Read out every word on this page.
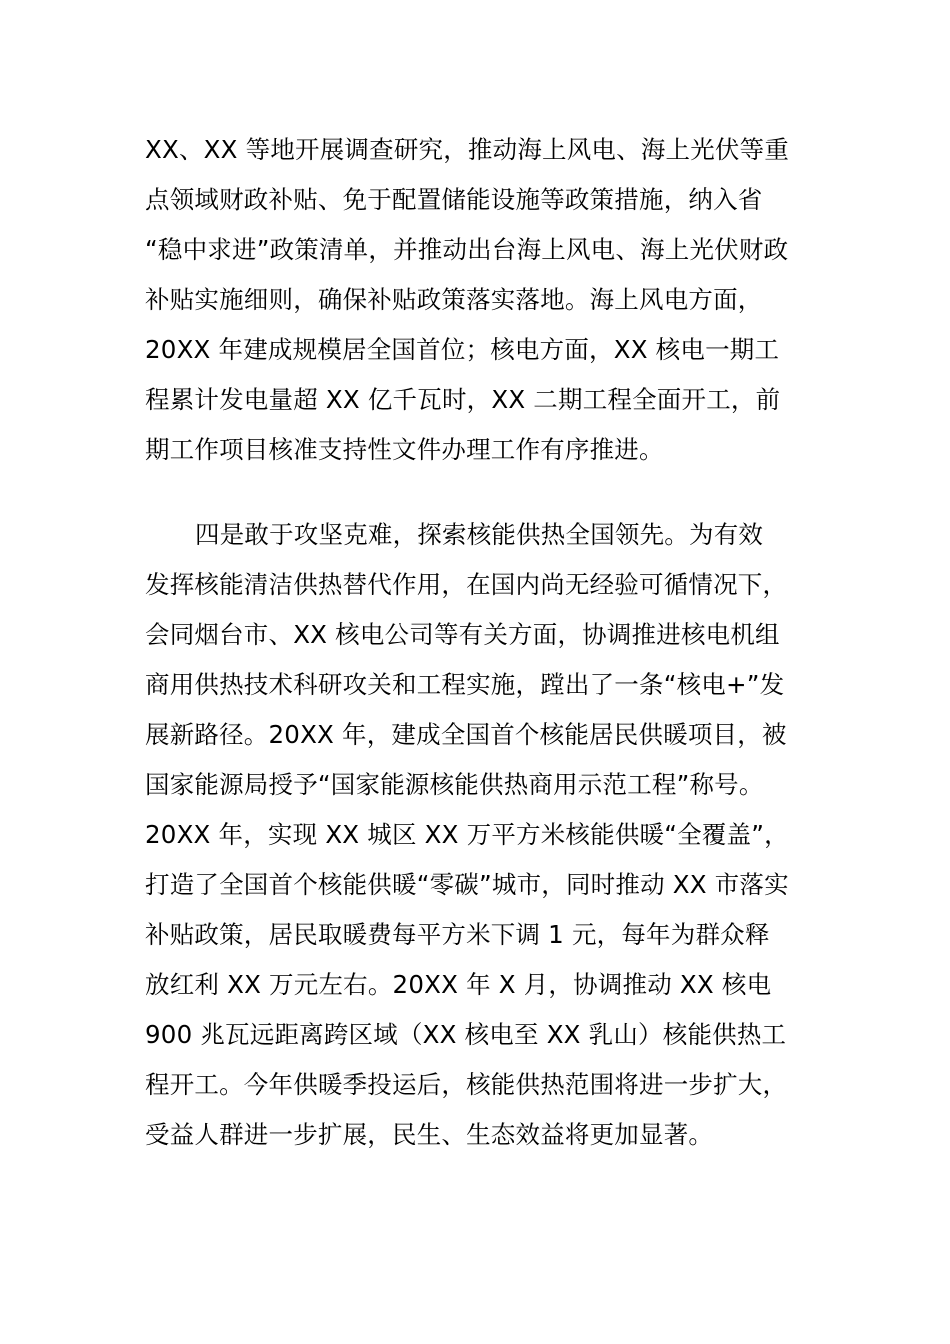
XX、XX 等地开展调查研究，推动海上风电、海上光伏等重
点领域财政补贴、免于配置储能设施等政策措施，纳入省
“稳中求进”政策清单，并推动出台海上风电、海上光伏财政
补贴实施细则，确保补贴政策落实落地。海上风电方面，
20XX 年建成规模居全国首位；核电方面，XX 核电一期工
程累计发电量超 XX 亿千瓦时，XX 二期工程全面开工，前
期工作项目核准支持性文件办理工作有序推进。
四是敢于攻坚克难，探索核能供热全国领先。为有效
发挥核能清洁供热替代作用，在国内尚无经验可循情况下，
会同烟台市、XX 核电公司等有关方面，协调推进核电机组
商用供热技术科研攻关和工程实施，蹚出了一条“核电+”发
展新路径。20XX 年，建成全国首个核能居民供暖项目，被
国家能源局授予“国家能源核能供热商用示范工程”称号。
20XX 年，实现 XX 城区 XX 万平方米核能供暖“全覆盖”，
打造了全国首个核能供暖“零碳”城市，同时推动 XX 市落实
补贴政策，居民取暖费每平方米下调 1 元，每年为群众释
放红利 XX 万元左右。20XX 年 X 月，协调推动 XX 核电
900 兆瓦远距离跨区域（XX 核电至 XX 乳山）核能供热工
程开工。今年供暖季投运后，核能供热范围将进一步扩大，
受益人群进一步扩展，民生、生态效益将更加显著。
